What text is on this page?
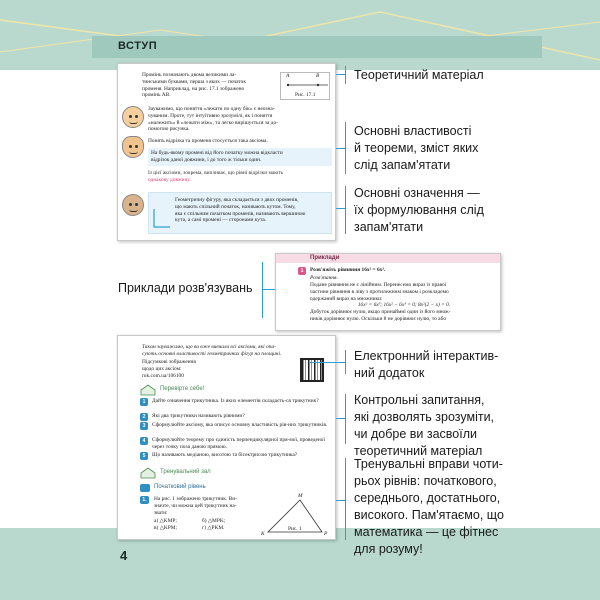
ВСТУП
4
Промінь позначають двома великими ла-
тинськими буквами, перша з яких — початок
променя. Наприклад, на рис. 17.1 зображено
промінь AB.
A	B
Рис. 17.1
Зауважимо, що поняття «лежати по одну бік» є неозна-
чуваним. Проте, тут інтуїтивно зрозумілі, як і поняття
«належить» й «лежати між», та легко вирішується за до-
помогою рисунка.
Понять відрізка та променя стосується така аксіома.
На будь-якому промені від його початку можна відкласти
відрізок даної довжини, і до того ж тільки один.
Із цієї аксіоми, зокрема, випливає, що рівні відрізки мають
однакову довжину.
Геометричну фігуру, яка складається з двох променів,
що мають спільний початок, називають кутом. Тому,
яка є спільним початком променів, називають вершиною
кута, а самі промені — сторонами кута.
Приклади
1	Розв'яжіть рівняння 16x² = 6x³.
Розв'язання.
Подане рівняння не є лінійним. Перенесемо вираз із правої
частини рівняння в ліву з протилежним знаком і розкладемо
одержаний вираз на множники:
16x² = 6x³; 16x² − 6x³ = 0; 8x²(2 − x) = 0.
Добуток дорівнює нулю, якщо принаймні один із його множ-
ників дорівнює нулю. Оскільки 8 не дорівнює нулю, то або
Таком зауважимо, що ви вже вивчали всі аксіоми, які опи-
сують основні властивості геометричних фігур на площині.
Підсумкові зображення
щодо цих аксіом:
rok.com.ua/106100
Перевірте себе!
1	Дайте означення трикутника. Із яких елементів складаєть-ся трикутник?
2	Які два трикутники називають рівними?
3	Сформулюйте аксіому, яка описує основну властивість рів-них трикутників.
4	Сформулюйте теорему про єдиність перпендикулярної пря-мої, проведеної через точку поза даною прямою.
5	Що називають медіаною, висотою та бісектрисою трикутника?
Тренувальний зал
Початковий рівень
1.	На рис. 1 зображено трикутник. Ви-
значте, чи можна цей трикутник на-
звати:
а) △KMP;	б) △MPK;
в) △KPM;	г) △PKM.
M
K	P
Рис. 1
Теоретичний матеріал
Основні властивості
й теореми, зміст яких
слід запам'ятати
Основні означення —
їх формулювання слід
запам'ятати
Приклади розв'язувань
Електронний інтерактив-
ний додаток
Контрольні запитання,
які дозволять зрозуміти,
чи добре ви засвоїли
теоретичний матеріал
Тренувальні вправи чоти-
рьох рівнів: початкового,
середнього, достатнього,
високого. Пам'ятаємо, що
математика — це фітнес
для розуму!
